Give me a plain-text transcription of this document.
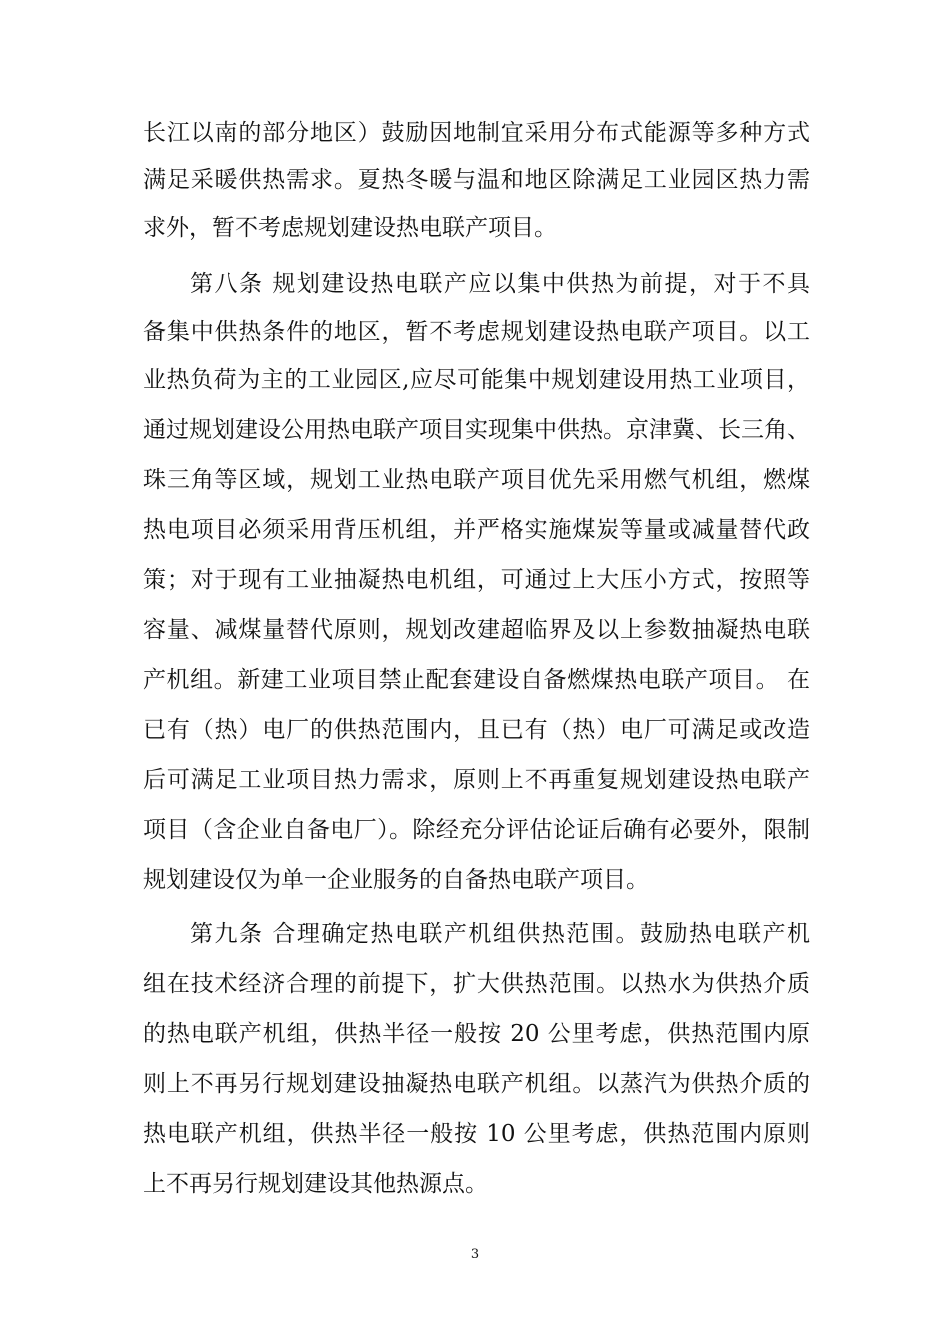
长江以南的部分地区）鼓励因地制宜采用分布式能源等多种方式
满足采暖供热需求。夏热冬暖与温和地区除满足工业园区热力需
求外，暂不考虑规划建设热电联产项目。
第八条 规划建设热电联产应以集中供热为前提，对于不具
备集中供热条件的地区，暂不考虑规划建设热电联产项目。以工
业热负荷为主的工业园区,应尽可能集中规划建设用热工业项目，
通过规划建设公用热电联产项目实现集中供热。京津冀、长三角、
珠三角等区域，规划工业热电联产项目优先采用燃气机组，燃煤
热电项目必须采用背压机组，并严格实施煤炭等量或减量替代政
策；对于现有工业抽凝热电机组，可通过上大压小方式，按照等
容量、减煤量替代原则，规划改建超临界及以上参数抽凝热电联
产机组。新建工业项目禁止配套建设自备燃煤热电联产项目。 在
已有（热）电厂的供热范围内，且已有（热）电厂可满足或改造
后可满足工业项目热力需求，原则上不再重复规划建设热电联产
项目（含企业自备电厂）。除经充分评估论证后确有必要外，限制
规划建设仅为单一企业服务的自备热电联产项目。
第九条 合理确定热电联产机组供热范围。鼓励热电联产机
组在技术经济合理的前提下，扩大供热范围。以热水为供热介质
的热电联产机组，供热半径一般按 20 公里考虑，供热范围内原
则上不再另行规划建设抽凝热电联产机组。以蒸汽为供热介质的
热电联产机组，供热半径一般按 10 公里考虑，供热范围内原则
上不再另行规划建设其他热源点。
3
